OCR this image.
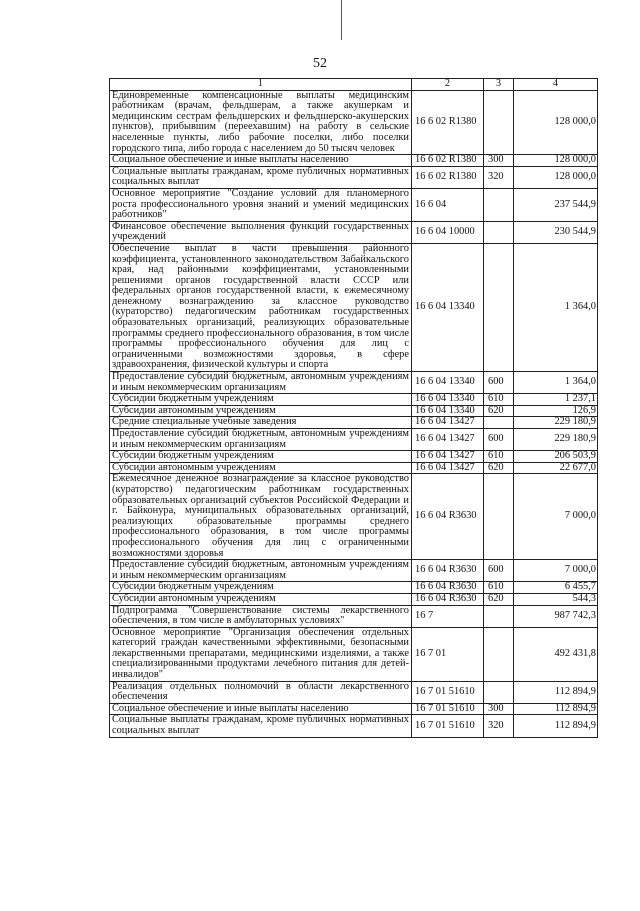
52
1	2	3	4
Единовременные компенсационные выплаты медицинским работникам (врачам, фельдшерам, а также акушеркам и медицинским сестрам фельдшерских и фельдшерско-акушерских пунктов), прибывшим (переехавшим) на работу в сельские населенные пункты, либо рабочие поселки, либо поселки городского типа, либо города с населением до 50 тысяч человек	16 6 02 R1380		128 000,0
Социальное обеспечение и иные выплаты населению	16 6 02 R1380	300	128 000,0
Социальные выплаты гражданам, кроме публичных нормативных социальных выплат	16 6 02 R1380	320	128 000,0
Основное мероприятие "Создание условий для планомерного роста профессионального уровня знаний и умений медицинских работников"	16 6 04		237 544,9
Финансовое обеспечение выполнения функций государственных учреждений	16 6 04 10000		230 544,9
Обеспечение выплат в части превышения районного коэффициента, установленного законодательством Забайкальского края, над районными коэффициентами, установленными решениями органов государственной власти СССР или федеральных органов государственной власти, к ежемесячному денежному вознаграждению за классное руководство (кураторство) педагогическим работникам государственных образовательных организаций, реализующих образовательные программы среднего профессионального образования, в том числе программы профессионального обучения для лиц с ограниченными возможностями здоровья, в сфере здравоохранения, физической культуры и спорта	16 6 04 13340		1 364,0
Предоставление субсидий бюджетным, автономным учреждениям и иным некоммерческим организациям	16 6 04 13340	600	1 364,0
Субсидии бюджетным учреждениям	16 6 04 13340	610	1 237,1
Субсидии автономным учреждениям	16 6 04 13340	620	126,9
Средние специальные учебные заведения	16 6 04 13427		229 180,9
Предоставление субсидий бюджетным, автономным учреждениям и иным некоммерческим организациям	16 6 04 13427	600	229 180,9
Субсидии бюджетным учреждениям	16 6 04 13427	610	206 503,9
Субсидии автономным учреждениям	16 6 04 13427	620	22 677,0
Ежемесячное денежное вознаграждение за классное руководство (кураторство) педагогическим работникам государственных образовательных организаций субъектов Российской Федерации и г. Байконура, муниципальных образовательных организаций, реализующих образовательные программы среднего профессионального образования, в том числе программы профессионального обучения для лиц с ограниченными возможностями здоровья	16 6 04 R3630		7 000,0
Предоставление субсидий бюджетным, автономным учреждениям и иным некоммерческим организациям	16 6 04 R3630	600	7 000,0
Субсидии бюджетным учреждениям	16 6 04 R3630	610	6 455,7
Субсидии автономным учреждениям	16 6 04 R3630	620	544,3
Подпрограмма "Совершенствование системы лекарственного обеспечения, в том числе в амбулаторных условиях"	16 7		987 742,3
Основное мероприятие "Организация обеспечения отдельных категорий граждан качественными эффективными, безопасными лекарственными препаратами, медицинскими изделиями, а также специализированными продуктами лечебного питания для детей-инвалидов"	16 7 01		492 431,8
Реализация отдельных полномочий в области лекарственного обеспечения	16 7 01 51610		112 894,9
Социальное обеспечение и иные выплаты населению	16 7 01 51610	300	112 894,9
Социальные выплаты гражданам, кроме публичных нормативных социальных выплат	16 7 01 51610	320	112 894,9
